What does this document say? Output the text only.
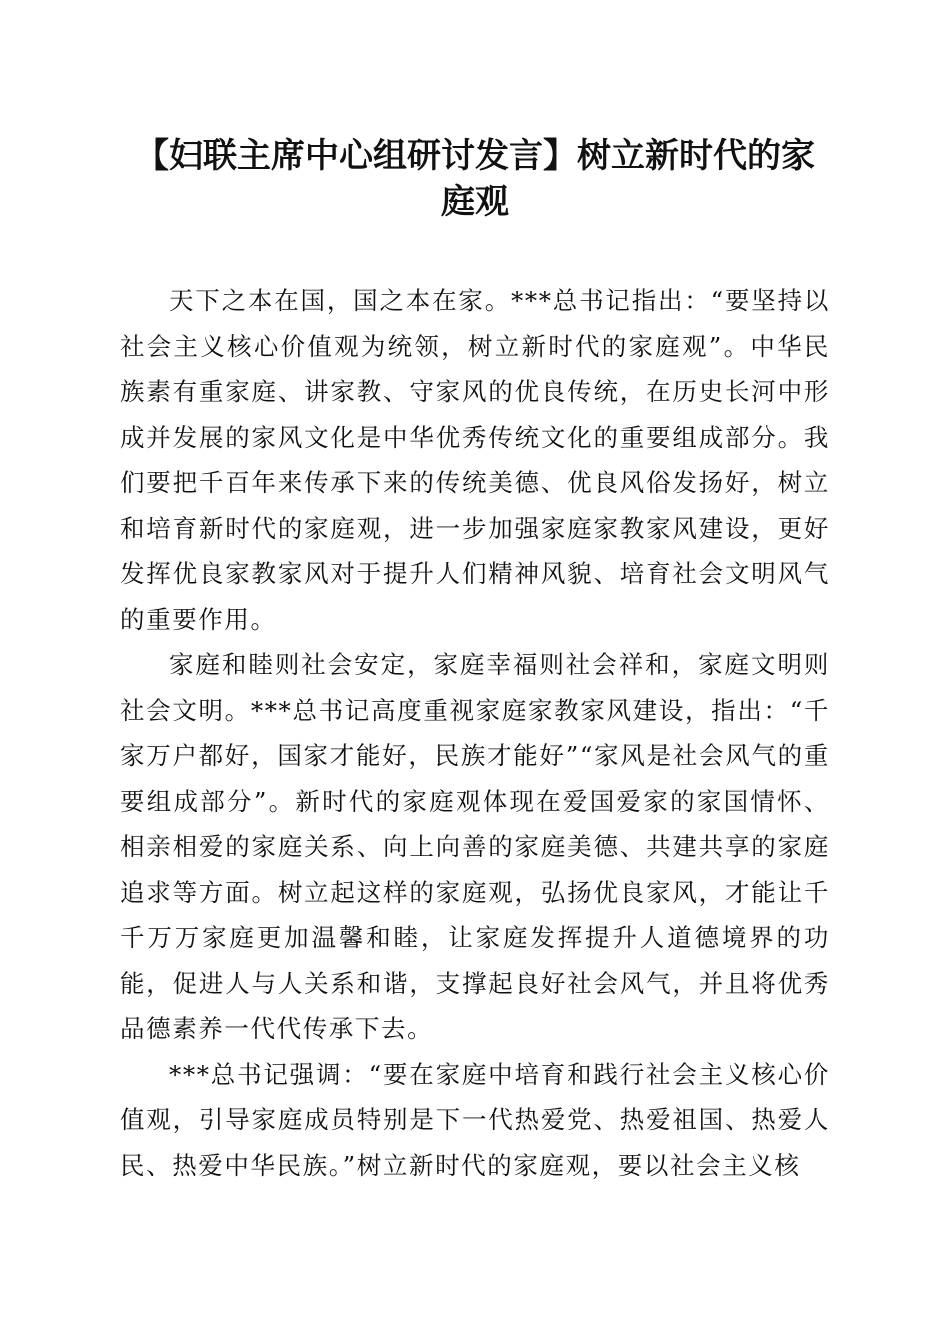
【妇联主席中心组研讨发言】树立新时代的家
庭观

天下之本在国，国之本在家。***总书记指出：“要坚持以社会主义核心价值观为统领，树立新时代的家庭观”。中华民族素有重家庭、讲家教、守家风的优良传统，在历史长河中形成并发展的家风文化是中华优秀传统文化的重要组成部分。我们要把千百年来传承下来的传统美德、优良风俗发扬好，树立和培育新时代的家庭观，进一步加强家庭家教家风建设，更好发挥优良家教家风对于提升人们精神风貌、培育社会文明风气的重要作用。

家庭和睦则社会安定，家庭幸福则社会祥和，家庭文明则社会文明。***总书记高度重视家庭家教家风建设，指出：“千家万户都好，国家才能好，民族才能好”“家风是社会风气的重要组成部分”。新时代的家庭观体现在爱国爱家的家国情怀、相亲相爱的家庭关系、向上向善的家庭美德、共建共享的家庭追求等方面。树立起这样的家庭观，弘扬优良家风，才能让千千万万家庭更加温馨和睦，让家庭发挥提升人道德境界的功能，促进人与人关系和谐，支撑起良好社会风气，并且将优秀品德素养一代代传承下去。

***总书记强调：“要在家庭中培育和践行社会主义核心价值观，引导家庭成员特别是下一代热爱党、热爱祖国、热爱人民、热爱中华民族。”树立新时代的家庭观，要以社会主义核
